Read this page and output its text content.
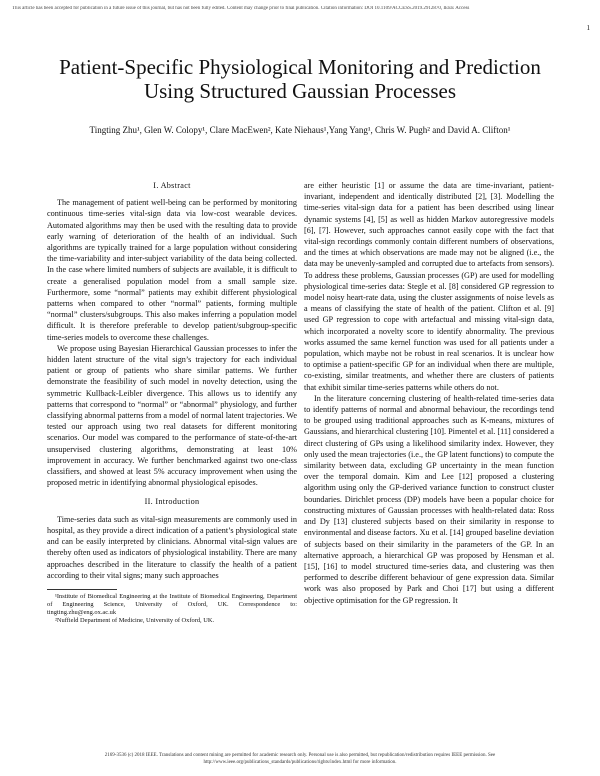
This article has been accepted for publication in a future issue of this journal, but has not been fully edited. Content may change prior to final publication. Citation information: DOI 10.1109/ACCESS.2019.2912870, IEEE Access
1
Patient-Specific Physiological Monitoring and Prediction Using Structured Gaussian Processes
Tingting Zhu¹, Glen W. Colopy¹, Clare MacEwen², Kate Niehaus¹,Yang Yang¹, Chris W. Pugh² and David A. Clifton¹
I. Abstract

The management of patient well-being can be performed by monitoring continuous time-series vital-sign data via low-cost wearable devices. Automated algorithms may then be used with the resulting data to provide early warning of deterioration of the health of an individual. Such algorithms are typically trained for a large population without considering the time-variability and inter-subject variability of the data being collected. In the case where limited numbers of subjects are available, it is difficult to create a generalised population model from a small sample size. Furthermore, some “normal” patients may exhibit different physiological patterns when compared to other “normal” patients, forming multiple “normal” clusters/subgroups. This also makes inferring a population model difficult. It is therefore preferable to develop patient/subgroup-specific time-series models to overcome these challenges.

We propose using Bayesian Hierarchical Gaussian processes to infer the hidden latent structure of the vital sign’s trajectory for each individual patient or group of patients who share similar patterns. We further demonstrate the feasibility of such model in novelty detection, using the symmetric Kullback-Leibler divergence. This allows us to identify any patterns that correspond to “normal” or “abnormal” physiology, and further classifying abnormal patterns from a model of normal latent trajectories. We tested our approach using two real datasets for different monitoring scenarios. Our model was compared to the performance of state-of-the-art unsupervised clustering algorithms, demonstrating at least 10% improvement in accuracy. We further benchmarked against two one-class classifiers, and showed at least 5% accuracy improvement when using the proposed metric in identifying abnormal physiological episodes.

II. Introduction

Time-series data such as vital-sign measurements are commonly used in hospital, as they provide a direct indication of a patient’s physiological state and can be easily interpreted by clinicians. Abnormal vital-sign values are thereby often used as indicators of physiological instability. There are many approaches described in the literature to classify the health of a patient according to their vital signs; many such approaches

¹Institute of Biomedical Engineering at the Institute of Biomedical Engineering, Department of Engineering Science, University of Oxford, UK. Correspondence to: tingting.zhu@eng.ox.ac.uk

²Nuffield Department of Medicine, University of Oxford, UK.

are either heuristic [1] or assume the data are time-invariant, patient-invariant, independent and identically distributed [2], [3]. Modelling the time-series vital-sign data for a patient has been described using linear dynamic systems [4], [5] as well as hidden Markov autoregressive models [6], [7]. However, such approaches cannot easily cope with the fact that vital-sign recordings commonly contain different numbers of observations, and the times at which observations are made may not be aligned (i.e., the data may be unevenly-sampled and corrupted due to artefacts from sensors). To address these problems, Gaussian processes (GP) are used for modelling physiological time-series data: Stegle et al. [8] considered GP regression to model noisy heart-rate data, using the cluster assignments of noise levels as a means of classifying the state of health of the patient. Clifton et al. [9] used GP regression to cope with artefactual and missing vital-sign data, which incorporated a novelty score to identify abnormality. The previous works assumed the same kernel function was used for all patients under a population, which maybe not be robust in real scenarios. It is unclear how to optimise a patient-specific GP for an individual when there are multiple, co-existing, similar treatments, and whether there are clusters of patients that exhibit similar time-series patterns while others do not.

In the literature concerning clustering of health-related time-series data to identify patterns of normal and abnormal behaviour, the recordings tend to be grouped using traditional approaches such as K-means, mixtures of Gaussians, and hierarchical clustering [10]. Pimentel et al. [11] considered a direct clustering of GPs using a likelihood similarity index. However, they only used the mean trajectories (i.e., the GP latent functions) to compute the similarity between data, excluding GP uncertainty in the mean function over the temporal domain. Kim and Lee [12] proposed a clustering algorithm using only the GP-derived variance function to construct cluster boundaries. Dirichlet process (DP) models have been a popular choice for constructing mixtures of Gaussian processes with health-related data: Ross and Dy [13] clustered subjects based on their similarity in response to environmental and disease factors. Xu et al. [14] grouped baseline deviation of subjects based on their similarity in the parameters of the GP. In an alternative approach, a hierarchical GP was proposed by Hensman et al. [15], [16] to model structured time-series data, and clustering was then performed to describe different behaviour of gene expression data. Similar work was also proposed by Park and Choi [17] but using a different objective optimisation for the GP regression. It

2169-3536 (c) 2018 IEEE. Translations and content mining are permitted for academic research only. Personal use is also permitted, but republication/redistribution requires IEEE permission. See
http://www.ieee.org/publications_standards/publications/rights/index.html for more information.
